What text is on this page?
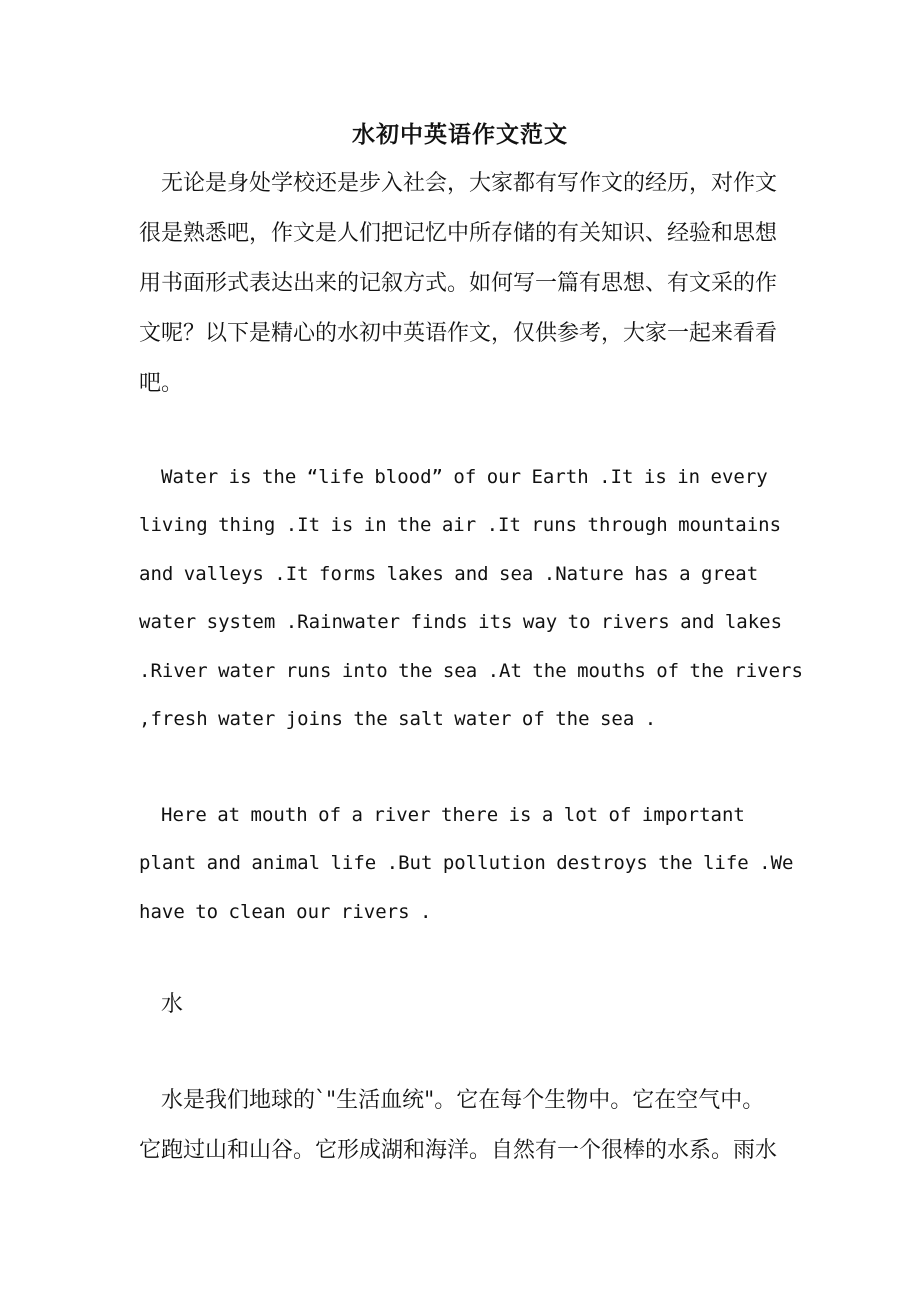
水初中英语作文范文
无论是身处学校还是步入社会，大家都有写作文的经历，对作文
很是熟悉吧，作文是人们把记忆中所存储的有关知识、经验和思想
用书面形式表达出来的记叙方式。如何写一篇有思想、有文采的作
文呢？以下是精心的水初中英语作文，仅供参考，大家一起来看看
吧。
Water is the “life blood” of our Earth .It is in every
living thing .It is in the air .It runs through mountains
and valleys .It forms lakes and sea .Nature has a great
water system .Rainwater finds its way to rivers and lakes
.River water runs into the sea .At the mouths of the rivers
,fresh water joins the salt water of the sea .
Here at mouth of a river there is a lot of important
plant and animal life .But pollution destroys the life .We
have to clean our rivers .
水
水是我们地球的`"生活血统"。它在每个生物中。它在空气中。
它跑过山和山谷。它形成湖和海洋。自然有一个很棒的水系。雨水
